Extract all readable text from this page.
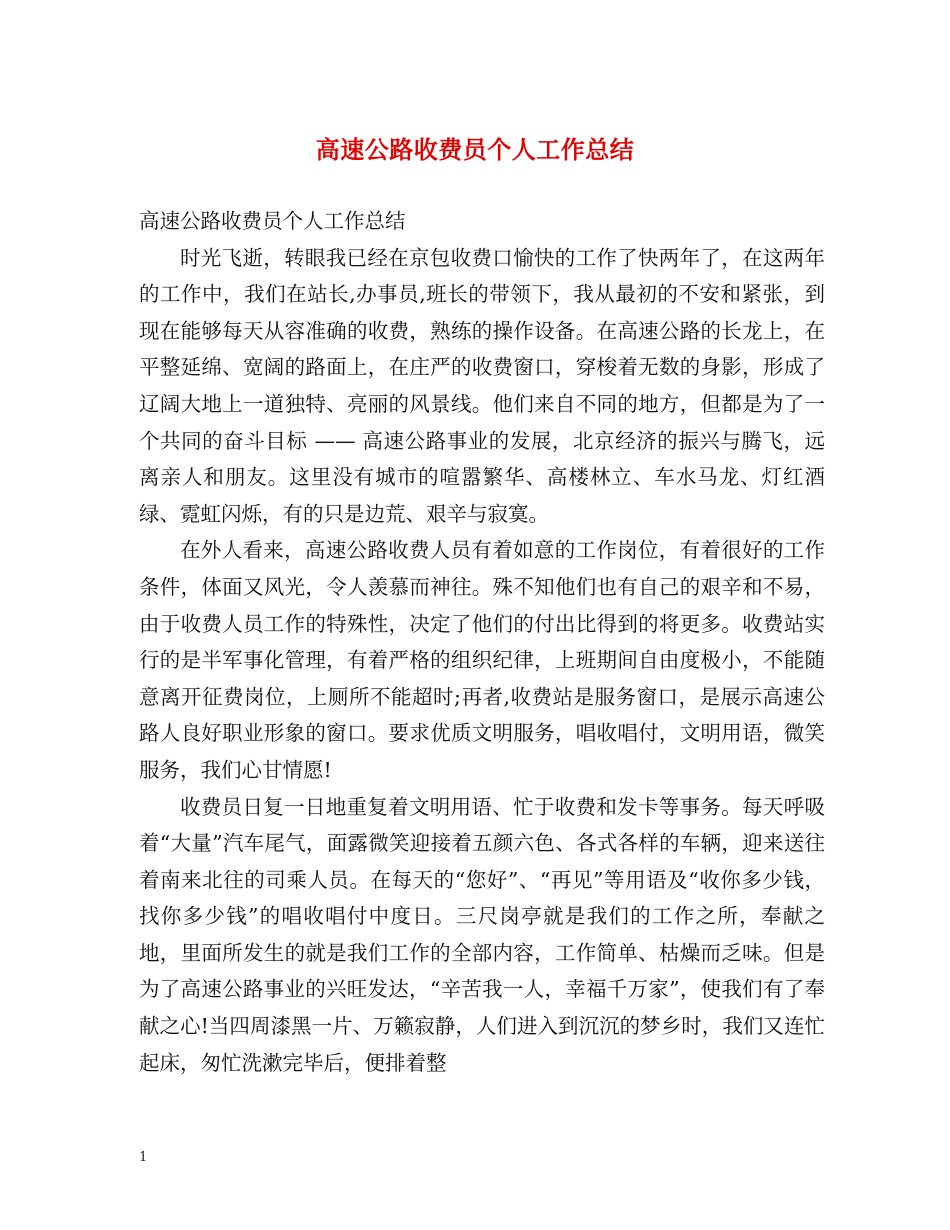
高速公路收费员个人工作总结

高速公路收费员个人工作总结

时光飞逝，转眼我已经在京包收费口愉快的工作了快两年了，在这两年的工作中，我们在站长,办事员,班长的带领下，我从最初的不安和紧张，到现在能够每天从容准确的收费，熟练的操作设备。在高速公路的长龙上，在平整延绵、宽阔的路面上，在庄严的收费窗口，穿梭着无数的身影，形成了辽阔大地上一道独特、亮丽的风景线。他们来自不同的地方，但都是为了一个共同的奋斗目标 —— 高速公路事业的发展，北京经济的振兴与腾飞，远离亲人和朋友。这里没有城市的喧嚣繁华、高楼林立、车水马龙、灯红酒绿、霓虹闪烁，有的只是边荒、艰辛与寂寞。

在外人看来，高速公路收费人员有着如意的工作岗位，有着很好的工作条件，体面又风光，令人羡慕而神往。殊不知他们也有自己的艰辛和不易，由于收费人员工作的特殊性，决定了他们的付出比得到的将更多。收费站实行的是半军事化管理，有着严格的组织纪律，上班期间自由度极小，不能随意离开征费岗位，上厕所不能超时;再者,收费站是服务窗口，是展示高速公路人良好职业形象的窗口。要求优质文明服务，唱收唱付，文明用语，微笑服务，我们心甘情愿!

收费员日复一日地重复着文明用语、忙于收费和发卡等事务。每天呼吸着“大量”汽车尾气，面露微笑迎接着五颜六色、各式各样的车辆，迎来送往着南来北往的司乘人员。在每天的“您好”、“再见”等用语及“收你多少钱，找你多少钱”的唱收唱付中度日。三尺岗亭就是我们的工作之所，奉献之地，里面所发生的就是我们工作的全部内容，工作简单、枯燥而乏味。但是为了高速公路事业的兴旺发达，“辛苦我一人，幸福千万家”，使我们有了奉献之心!当四周漆黑一片、万籁寂静，人们进入到沉沉的梦乡时，我们又连忙起床，匆忙洗漱完毕后，便排着整

1
